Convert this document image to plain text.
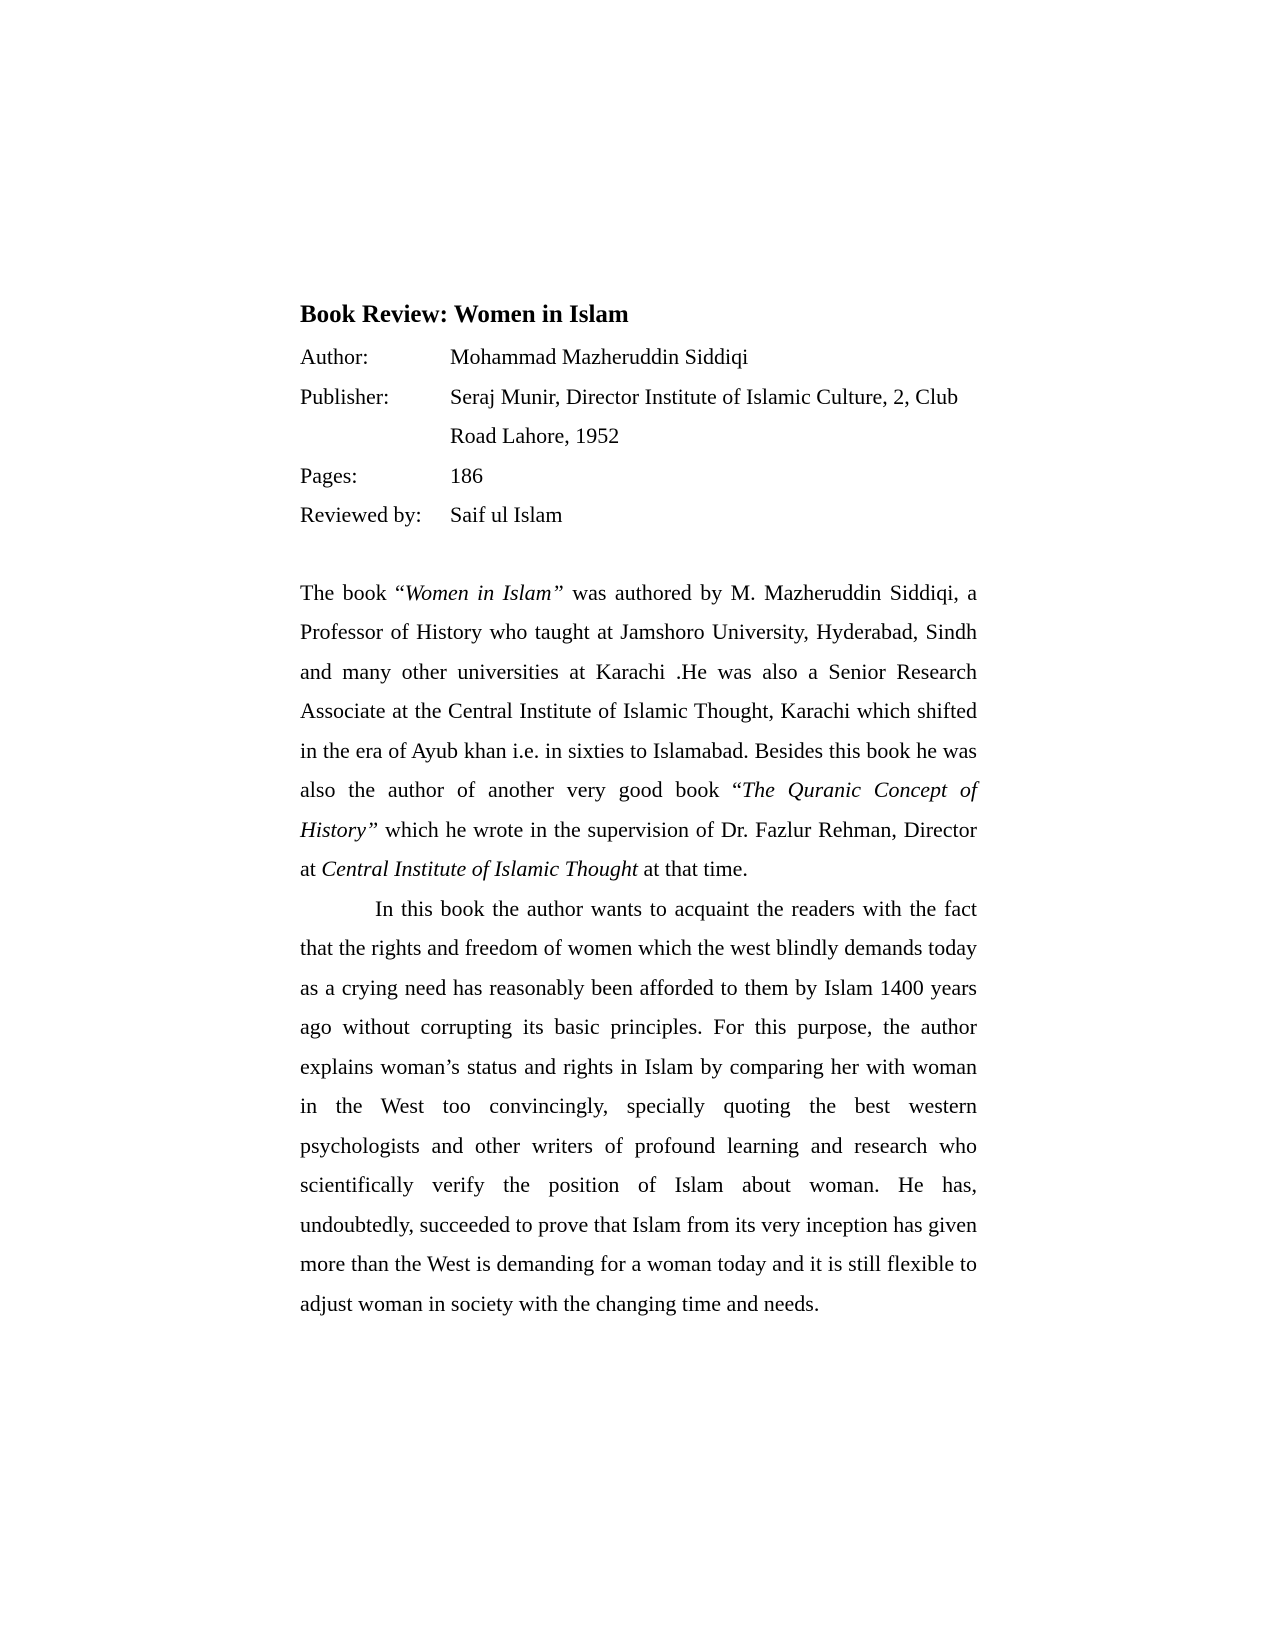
Book Review: Women in Islam
Author:	Mohammad Mazheruddin Siddiqi
Publisher:	Seraj Munir, Director Institute of Islamic Culture, 2, Club Road Lahore, 1952
Pages:	186
Reviewed by:	Saif ul Islam

The book “Women in Islam” was authored by M. Mazheruddin Siddiqi, a Professor of History who taught at Jamshoro University, Hyderabad, Sindh and many other universities at Karachi .He was also a Senior Research Associate at the Central Institute of Islamic Thought, Karachi which shifted in the era of Ayub khan i.e. in sixties to Islamabad. Besides this book he was also the author of another very good book “The Quranic Concept of History” which he wrote in the supervision of Dr. Fazlur Rehman, Director at Central Institute of Islamic Thought at that time.

In this book the author wants to acquaint the readers with the fact that the rights and freedom of women which the west blindly demands today as a crying need has reasonably been afforded to them by Islam 1400 years ago without corrupting its basic principles. For this purpose, the author explains woman’s status and rights in Islam by comparing her with woman in the West too convincingly, specially quoting the best western psychologists and other writers of profound learning and research who scientifically verify the position of Islam about woman. He has, undoubtedly, succeeded to prove that Islam from its very inception has given more than the West is demanding for a woman today and it is still flexible to adjust woman in society with the changing time and needs.
